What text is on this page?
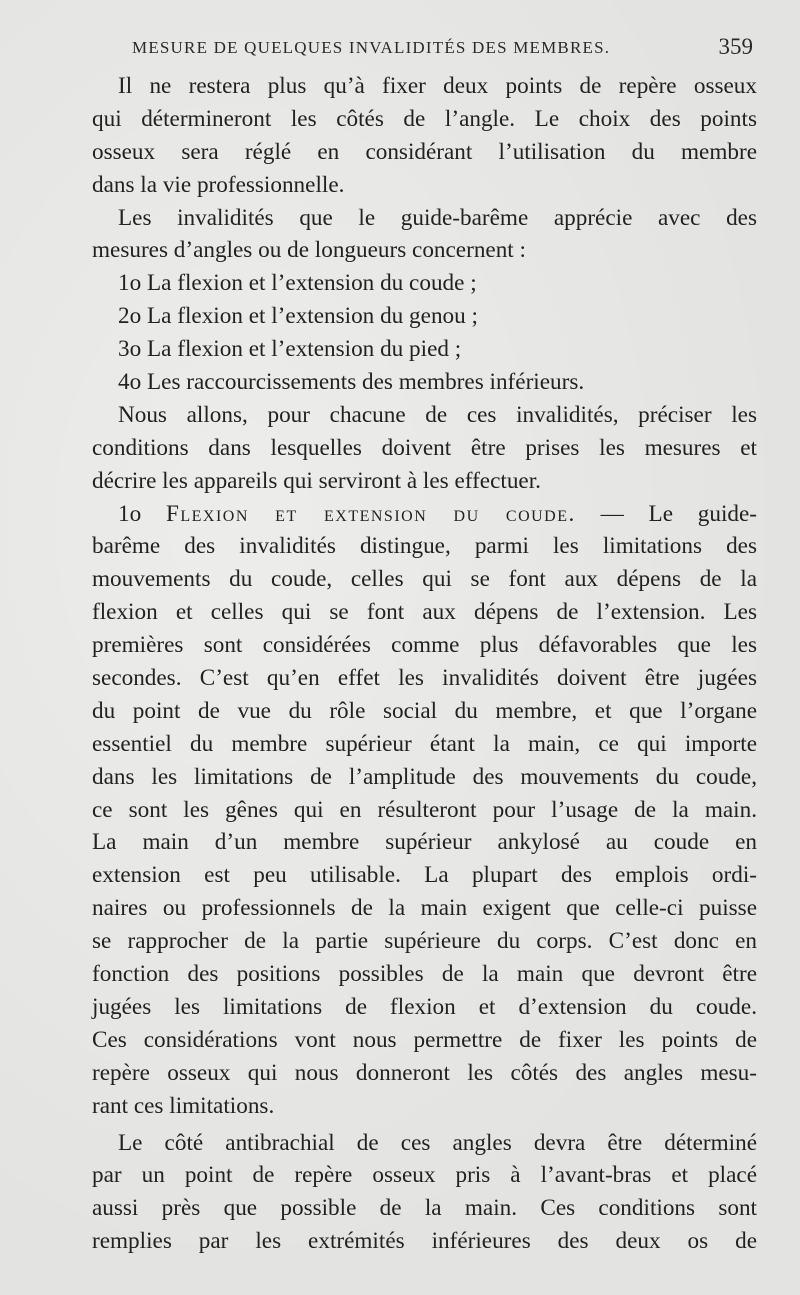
MESURE DE QUELQUES INVALIDITÉS DES MEMBRES.	359
Il ne restera plus qu’à fixer deux points de repère osseux
qui détermineront les côtés de l’angle. Le choix des points
osseux sera réglé en considérant l’utilisation du membre
dans la vie professionnelle.
Les invalidités que le guide-barême apprécie avec des
mesures d’angles ou de longueurs concernent :
1o La flexion et l’extension du coude ;
2o La flexion et l’extension du genou ;
3o La flexion et l’extension du pied ;
4o Les raccourcissements des membres inférieurs.
Nous allons, pour chacune de ces invalidités, préciser les
conditions dans lesquelles doivent être prises les mesures et
décrire les appareils qui serviront à les effectuer.
1o Flexion et extension du coude. — Le guide-
barême des invalidités distingue, parmi les limitations des
mouvements du coude, celles qui se font aux dépens de la
flexion et celles qui se font aux dépens de l’extension. Les
premières sont considérées comme plus défavorables que les
secondes. C’est qu’en effet les invalidités doivent être jugées
du point de vue du rôle social du membre, et que l’organe
essentiel du membre supérieur étant la main, ce qui importe
dans les limitations de l’amplitude des mouvements du coude,
ce sont les gênes qui en résulteront pour l’usage de la main.
La main d’un membre supérieur ankylosé au coude en
extension est peu utilisable. La plupart des emplois ordi-
naires ou professionnels de la main exigent que celle-ci puisse
se rapprocher de la partie supérieure du corps. C’est donc en
fonction des positions possibles de la main que devront être
jugées les limitations de flexion et d’extension du coude.
Ces considérations vont nous permettre de fixer les points de
repère osseux qui nous donneront les côtés des angles mesu-
rant ces limitations.
Le côté antibrachial de ces angles devra être déterminé
par un point de repère osseux pris à l’avant-bras et placé
aussi près que possible de la main. Ces conditions sont
remplies par les extrémités inférieures des deux os de
